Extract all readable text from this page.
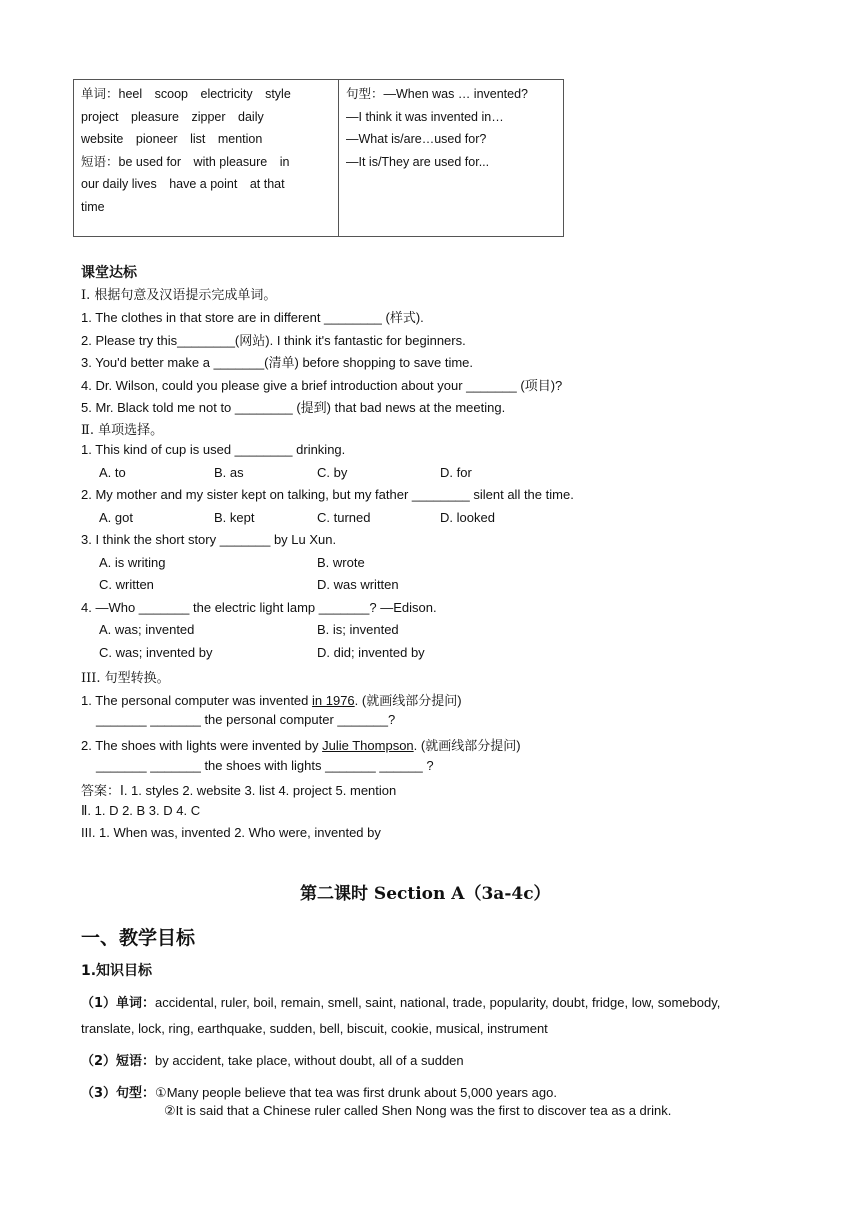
单词：heel　scoop　electricity　style
project　pleasure　zipper　daily
website　pioneer　list　mention
短语：be used for　with pleasure　in
our daily lives　have a point　at that
time

句型：—When was … invented?
—I think it was invented in…
—What is/are…used for?
—It is/They are used for...
课堂达标
Ⅰ. 根据句意及汉语提示完成单词。
1. The clothes in that store are in different ________ (样式).
2. Please try this________(网站). I think it's fantastic for beginners.
3. You'd better make a _______(清单) before shopping to save time.
4. Dr. Wilson, could you please give a brief introduction about your _______ (项目)?
5. Mr. Black told me not to ________ (提到) that bad news at the meeting.
Ⅱ. 单项选择。
1. This kind of cup is used ________ drinking.
A. to	B. as	C. by	D. for
2. My mother and my sister kept on talking, but my father ________ silent all the time.
A. got	B. kept	C. turned	D. looked
3. I think the short story _______ by Lu Xun.
A. is writing	B. wrote
C. written	D. was written
4. —Who _______ the electric light lamp _______? —Edison.
A. was; invented	B. is; invented
C. was; invented by	D. did; invented by
III. 句型转换。
1. The personal computer was invented in 1976. (就画线部分提问)
_______ _______ the personal computer _______?
2. The shoes with lights were invented by Julie Thompson. (就画线部分提问)
_______ _______ the shoes with lights _______ ______ ?
答案：Ⅰ. 1. styles 2. website 3. list 4. project 5. mention
Ⅱ. 1. D 2. B 3. D 4. C
III. 1. When was, invented 2. Who were, invented by
第二课时 Section A（3a-4c）
一、教学目标
1.知识目标
（1）单词：accidental, ruler, boil, remain, smell, saint, national, trade, popularity, doubt, fridge, low, somebody,
translate, lock, ring, earthquake, sudden, bell, biscuit, cookie, musical, instrument
（2）短语：by accident, take place, without doubt, all of a sudden
（3）句型：①Many people believe that tea was first drunk about 5,000 years ago.
②It is said that a Chinese ruler called Shen Nong was the first to discover tea as a drink.
